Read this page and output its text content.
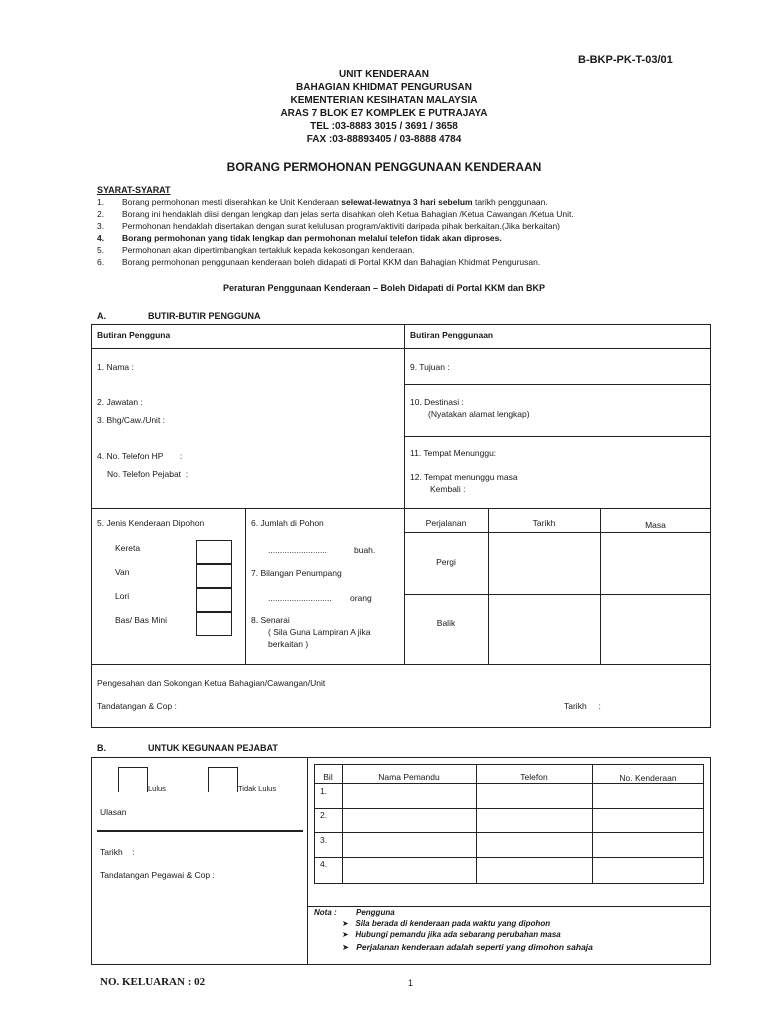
B-BKP-PK-T-03/01
UNIT KENDERAAN
BAHAGIAN KHIDMAT PENGURUSAN
KEMENTERIAN KESIHATAN MALAYSIA
ARAS 7 BLOK E7 KOMPLEK E PUTRAJAYA
TEL :03-8883 3015 / 3691 / 3658
FAX :03-88893405 / 03-8888 4784
BORANG PERMOHONAN PENGGUNAAN KENDERAAN
SYARAT-SYARAT
1. Borang permohonan mesti diserahkan ke Unit Kenderaan selewat-lewatnya 3 hari sebelum tarikh penggunaan.
2. Borang ini hendaklah diisi dengan lengkap dan jelas serta disahkan oleh Ketua Bahagian /Ketua Cawangan /Ketua Unit.
3. Permohonan hendaklah disertakan dengan surat kelulusan program/aktiviti daripada pihak berkaitan.(Jika berkaitan)
4. Borang permohonan yang tidak lengkap dan permohonan melalui telefon tidak akan diproses.
5. Permohonan akan dipertimbangkan tertakluk kepada kekosongan kenderaan.
6. Borang permohonan penggunaan kenderaan boleh didapati di Portal KKM dan Bahagian Khidmat Pengurusan.
Peraturan Penggunaan Kenderaan – Boleh Didapati di Portal KKM dan BKP
A.	BUTIR-BUTIR PENGGUNA
Butiran Pengguna	Butiran Penggunaan
1. Nama :
2. Jawatan :
3. Bhg/Caw./Unit :
4. No. Telefon HP       :
No. Telefon Pejabat  :
9. Tujuan :
10. Destinasi :
(Nyatakan alamat lengkap)
11. Tempat Menunggu:
12. Tempat menunggu masa
Kembali :
5. Jenis Kenderaan Dipohon
Kereta
Van
Lori
Bas/ Bas Mini
6. Jumlah di Pohon
.........................	buah.
7. Bilangan Penumpang
........................... orang
8. Senarai
( Sila Guna Lampiran A jika
berkaitan )
Perjalanan	Tarikh	Masa
Pergi
Balik
Pengesahan dan Sokongan Ketua Bahagian/Cawangan/Unit
Tandatangan & Cop :	Tarikh     :
B.	UNTUK KEGUNAAN PEJABAT
Lulus	Tidak Lulus
Ulasan
Tarikh    :
Tandatangan Pegawai & Cop :
Bil	Nama Pemandu	Telefon	No. Kenderaan
1.
2.
3.
4.
Nota : Pengguna
➤   Sila berada di kenderaan pada waktu yang dipohon
➤   Hubungi pemandu jika ada sebarang perubahan masa
➤   Perjalanan kenderaan adalah seperti yang dimohon sahaja
NO. KELUARAN : 02	1
